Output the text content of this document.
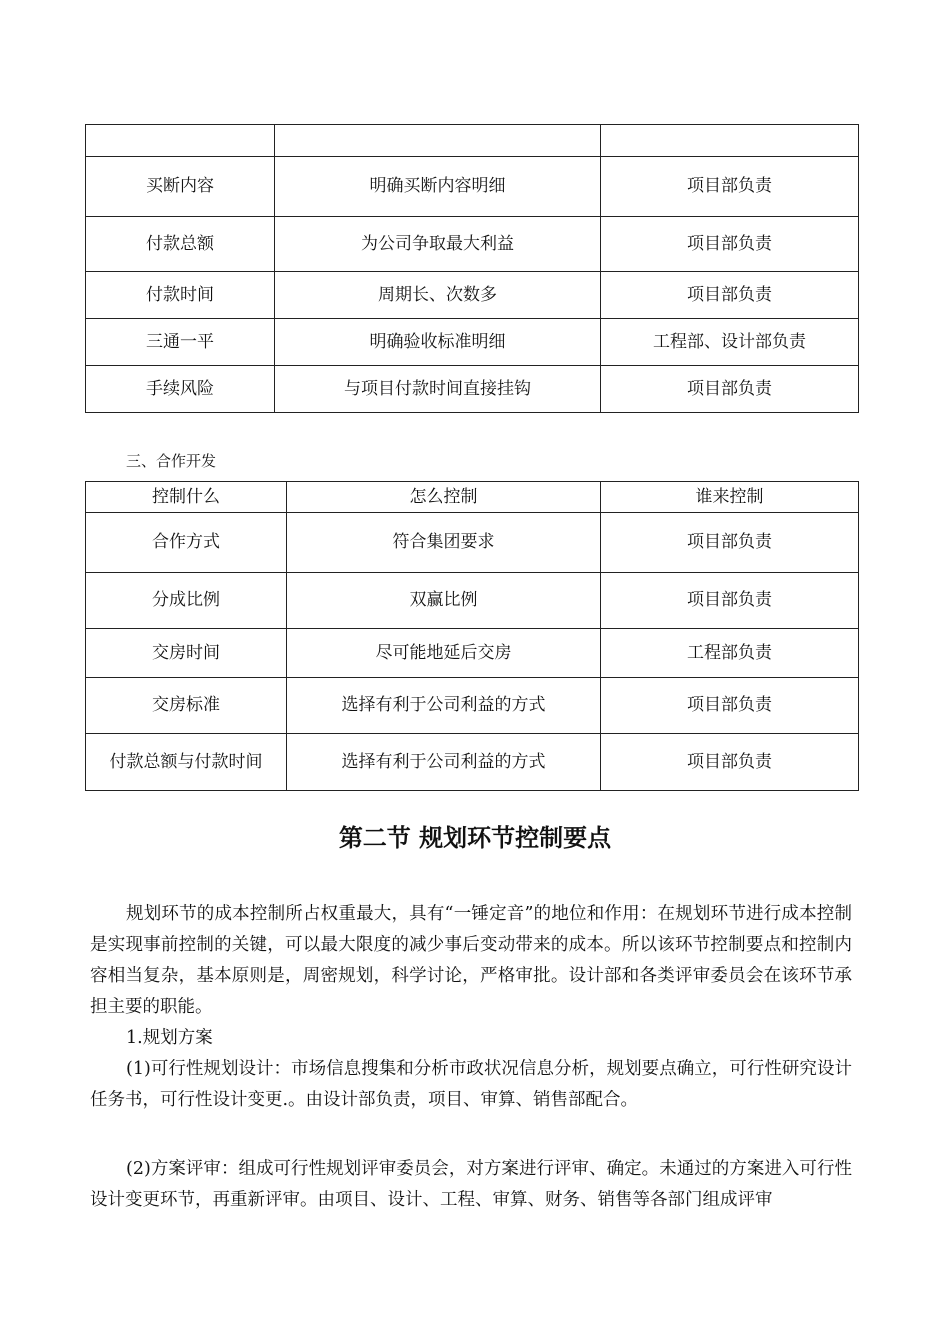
买断内容	明确买断内容明细	项目部负责
付款总额	为公司争取最大利益	项目部负责
付款时间	周期长、次数多	项目部负责
三通一平	明确验收标准明细	工程部、设计部负责
手续风险	与项目付款时间直接挂钩	项目部负责
三、合作开发
控制什么	怎么控制	谁来控制
合作方式	符合集团要求	项目部负责
分成比例	双赢比例	项目部负责
交房时间	尽可能地延后交房	工程部负责
交房标准	选择有利于公司利益的方式	项目部负责
付款总额与付款时间	选择有利于公司利益的方式	项目部负责
第二节 规划环节控制要点
规划环节的成本控制所占权重最大，具有“一锤定音”的地位和作用：在规划环节进行成本控制是实现事前控制的关键，可以最大限度的减少事后变动带来的成本。所以该环节控制要点和控制内容相当复杂，基本原则是，周密规划，科学讨论，严格审批。设计部和各类评审委员会在该环节承担主要的职能。
1.规划方案
(1)可行性规划设计：市场信息搜集和分析市政状况信息分析，规划要点确立，可行性研究设计任务书，可行性设计变更.。由设计部负责，项目、审算、销售部配合。
(2)方案评审：组成可行性规划评审委员会，对方案进行评审、确定。未通过的方案进入可行性设计变更环节，再重新评审。由项目、设计、工程、审算、财务、销售等各部门组成评审
